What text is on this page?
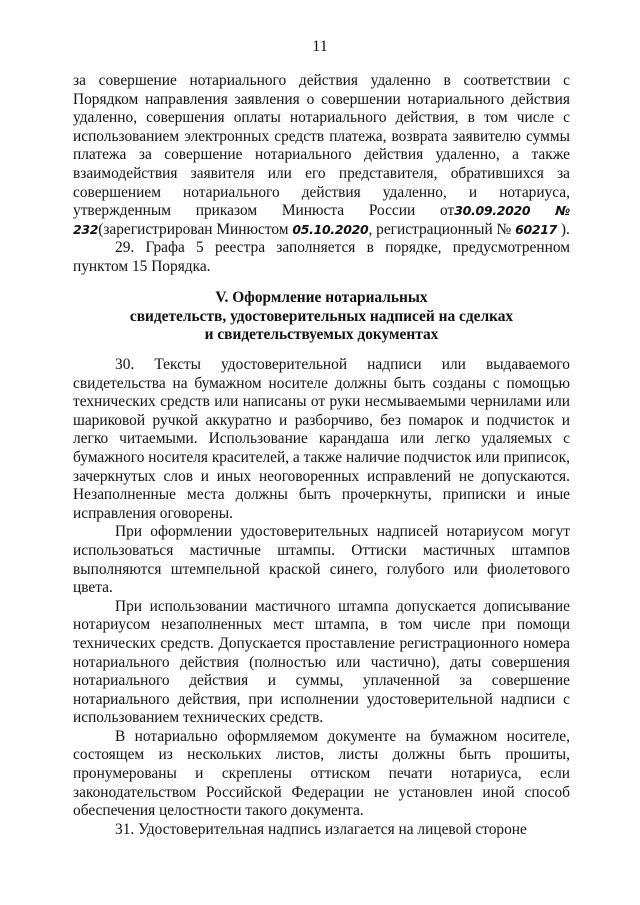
11

за совершение нотариального действия удаленно в соответствии с Порядком направления заявления о совершении нотариального действия удаленно, совершения оплаты нотариального действия, в том числе с использованием электронных средств платежа, возврата заявителю суммы платежа за совершение нотариального действия удаленно, а также взаимодействия заявителя или его представителя, обратившихся за совершением нотариального действия удаленно, и нотариуса, утвержденным приказом Минюста России от30.09.2020 № 232(зарегистрирован Минюстом 05.10.2020, регистрационный № 60217 ).

29. Графа 5 реестра заполняется в порядке, предусмотренном пунктом 15 Порядка.

V. Оформление нотариальных

свидетельств, удостоверительных надписей на сделках

и свидетельствуемых документах

30. Тексты удостоверительной надписи или выдаваемого свидетельства на бумажном носителе должны быть созданы с помощью технических средств или написаны от руки несмываемыми чернилами или шариковой ручкой аккуратно и разборчиво, без помарок и подчисток и легко читаемыми. Использование карандаша или легко удаляемых с бумажного носителя красителей, а также наличие подчисток или приписок, зачеркнутых слов и иных неоговоренных исправлений не допускаются. Незаполненные места должны быть прочеркнуты, приписки и иные исправления оговорены.

При оформлении удостоверительных надписей нотариусом могут использоваться мастичные штампы. Оттиски мастичных штампов выполняются штемпельной краской синего, голубого или фиолетового цвета.

При использовании мастичного штампа допускается дописывание нотариусом незаполненных мест штампа, в том числе при помощи технических средств. Допускается проставление регистрационного номера нотариального действия (полностью или частично), даты совершения нотариального действия и суммы, уплаченной за совершение нотариального действия, при исполнении удостоверительной надписи с использованием технических средств.

В нотариально оформляемом документе на бумажном носителе, состоящем из нескольких листов, листы должны быть прошиты, пронумерованы и скреплены оттиском печати нотариуса, если законодательством Российской Федерации не установлен иной способ обеспечения целостности такого документа.

31. Удостоверительная надпись излагается на лицевой стороне
